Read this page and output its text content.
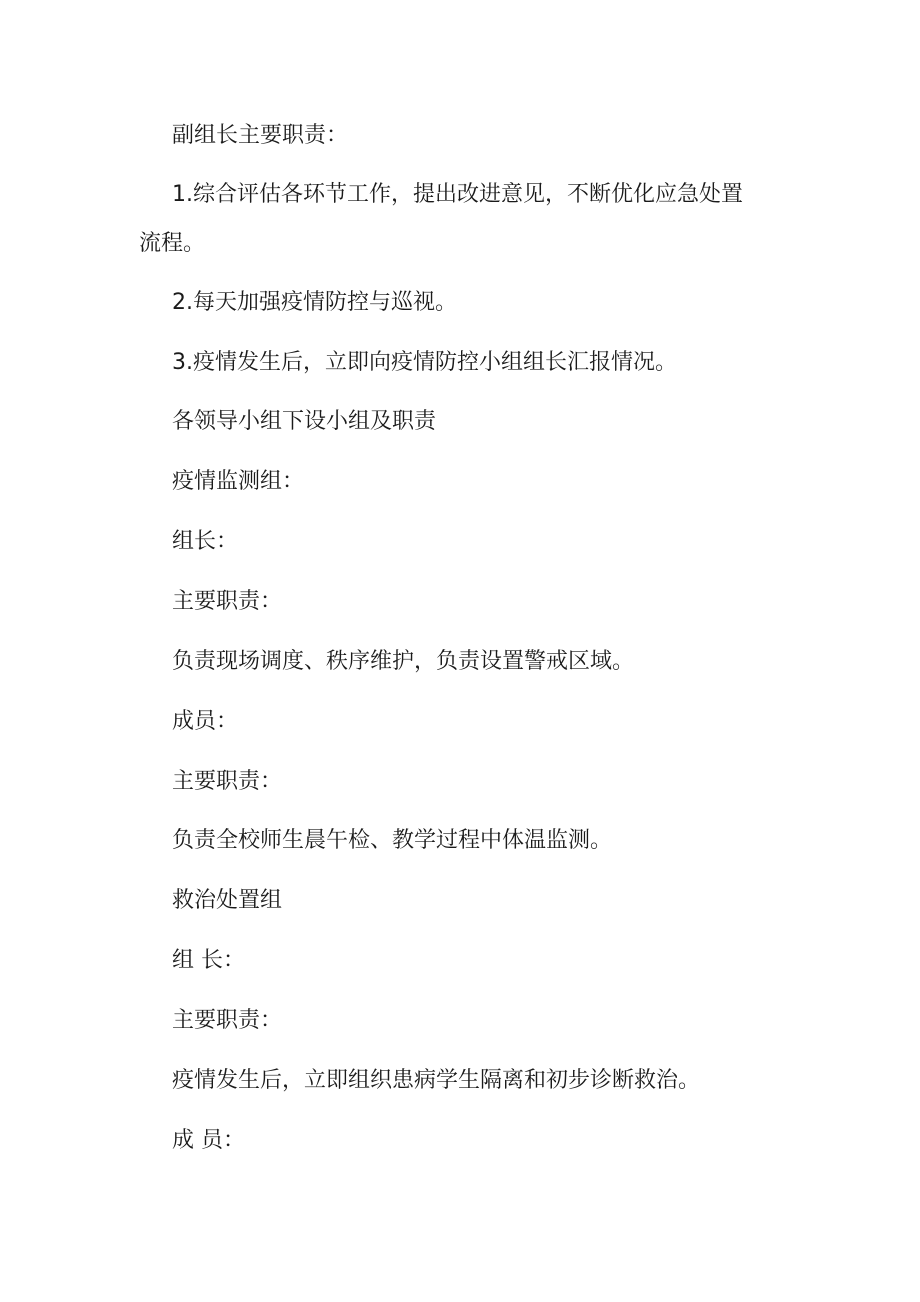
副组长主要职责：

1.综合评估各环节工作，提出改进意见，不断优化应急处置

流程。

2.每天加强疫情防控与巡视。

3.疫情发生后，立即向疫情防控小组组长汇报情况。

各领导小组下设小组及职责

疫情监测组：

组长：

主要职责：

负责现场调度、秩序维护，负责设置警戒区域。

成员：

主要职责：

负责全校师生晨午检、教学过程中体温监测。

救治处置组

组 长：

主要职责：

疫情发生后，立即组织患病学生隔离和初步诊断救治。

成 员：
